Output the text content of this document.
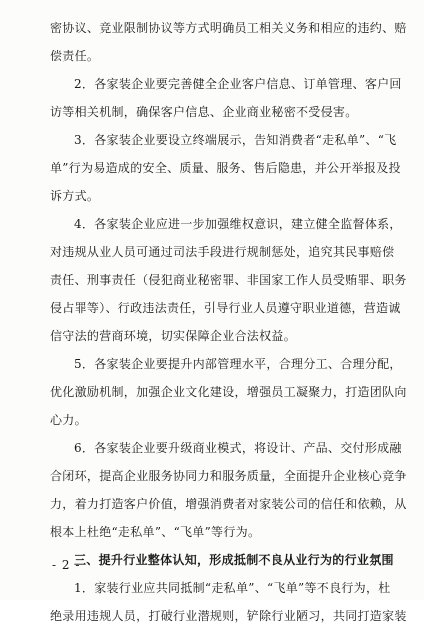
密协议、竞业限制协议等方式明确员工相关义务和相应的违约、赔
偿责任。

2．各家装企业要完善健全企业客户信息、订单管理、客户回
访等相关机制，确保客户信息、企业商业秘密不受侵害。

3．各家装企业要设立终端展示，告知消费者“走私单”、“飞
单”行为易造成的安全、质量、服务、售后隐患，并公开举报及投
诉方式。

4．各家装企业应进一步加强维权意识，建立健全监督体系，
对违规从业人员可通过司法手段进行规制惩处，追究其民事赔偿
责任、刑事责任（侵犯商业秘密罪、非国家工作人员受贿罪、职务
侵占罪等）、行政违法责任，引导行业人员遵守职业道德，营造诚
信守法的营商环境，切实保障企业合法权益。

5．各家装企业要提升内部管理水平，合理分工、合理分配，
优化激励机制，加强企业文化建设，增强员工凝聚力，打造团队向
心力。

6．各家装企业要升级商业模式，将设计、产品、交付形成融
合闭环，提高企业服务协同力和服务质量，全面提升企业核心竞争
力，着力打造客户价值，增强消费者对家装公司的信任和依赖，从
根本上杜绝“走私单”、“飞单”等行为。

三、提升行业整体认知，形成抵制不良从业行为的行业氛围

1．家装行业应共同抵制“走私单”、“飞单”等不良行为，杜
绝录用违规人员，打破行业潜规则，铲除行业陋习，共同打造家装

- 2 -
